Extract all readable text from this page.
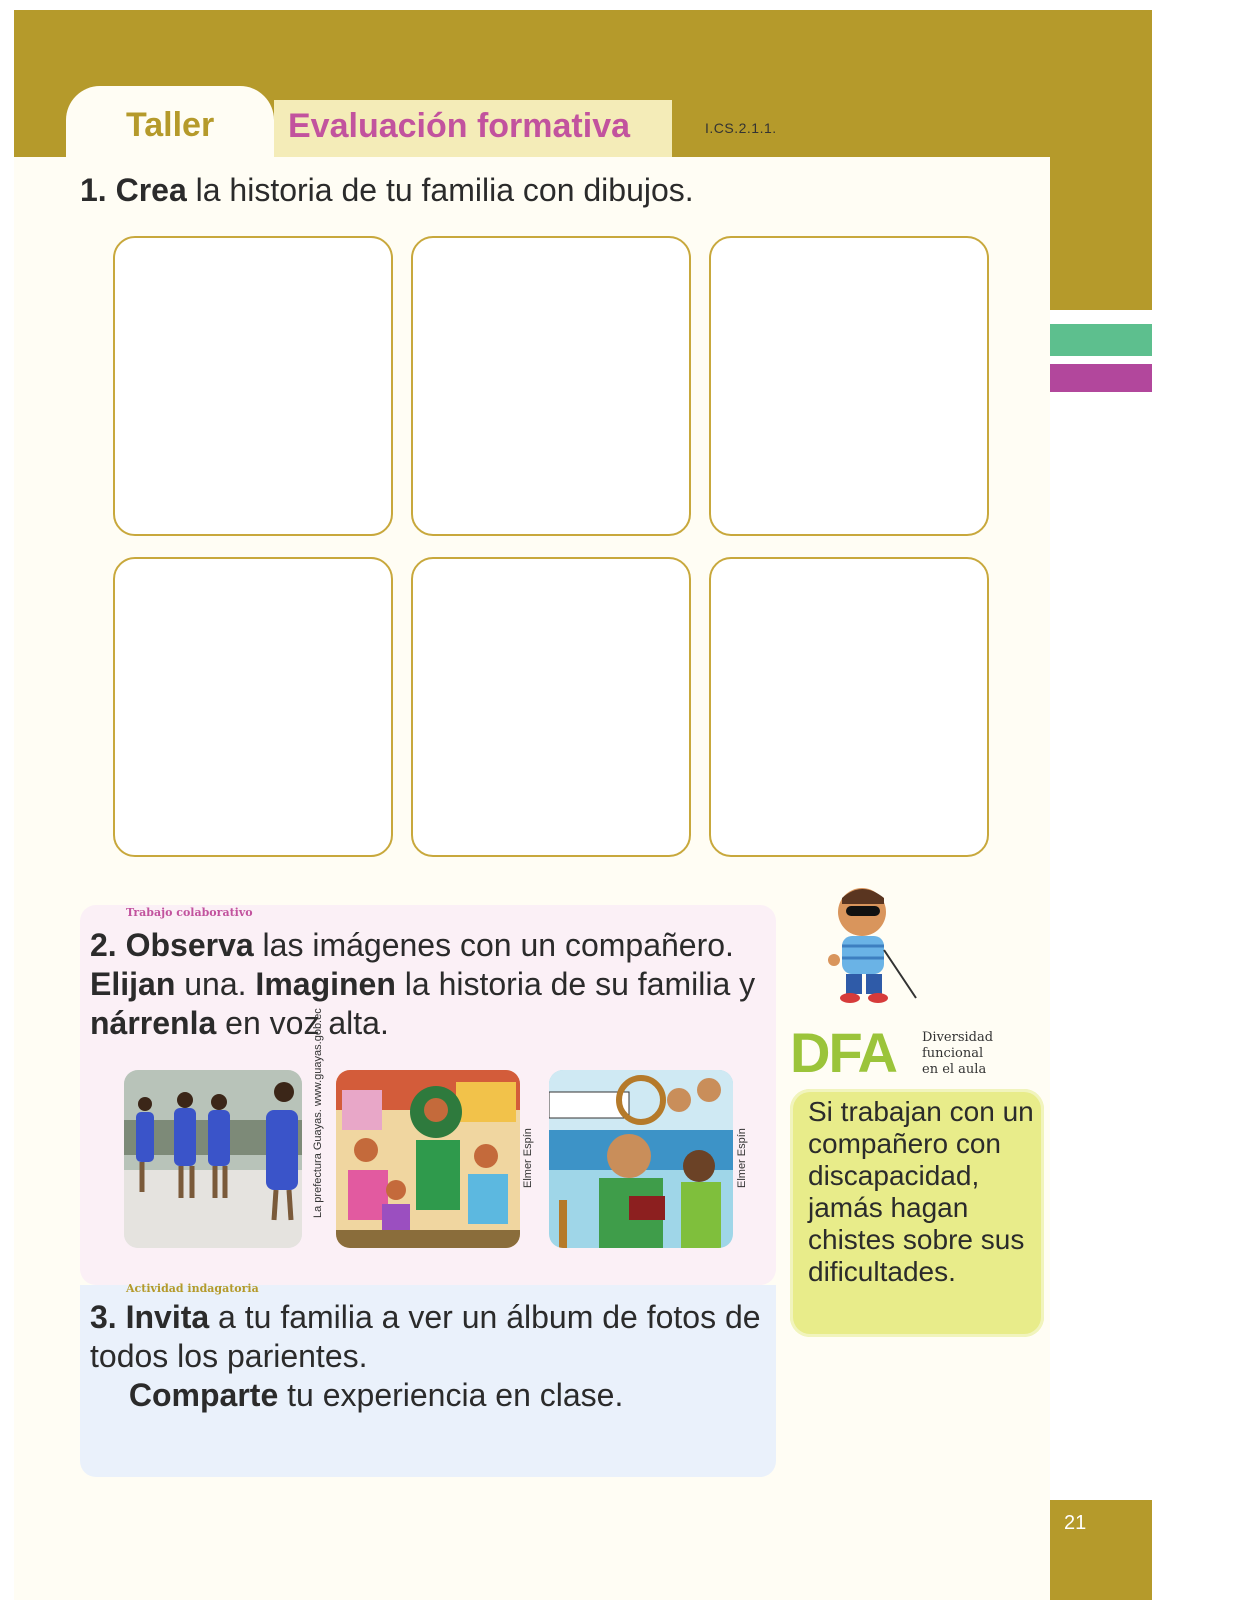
Taller Evaluación formativa	I.CS.2.1.1.
1. Crea la historia de tu familia con dibujos.
Trabajo colaborativo
2. Observa las imágenes con un compañero. Elijan una. Imaginen la historia de su familia y nárrenla en voz alta.
La prefectura Guayas. www.guayas.gob.ec	Elmer Espín	Elmer Espín
Actividad indagatoria
3. Invita a tu familia a ver un álbum de fotos de todos los parientes.
Comparte tu experiencia en clase.
DFA Diversidad
funcional
en el aula
Si trabajan con un compañero con discapacidad, jamás hagan chistes sobre sus dificultades.
21
